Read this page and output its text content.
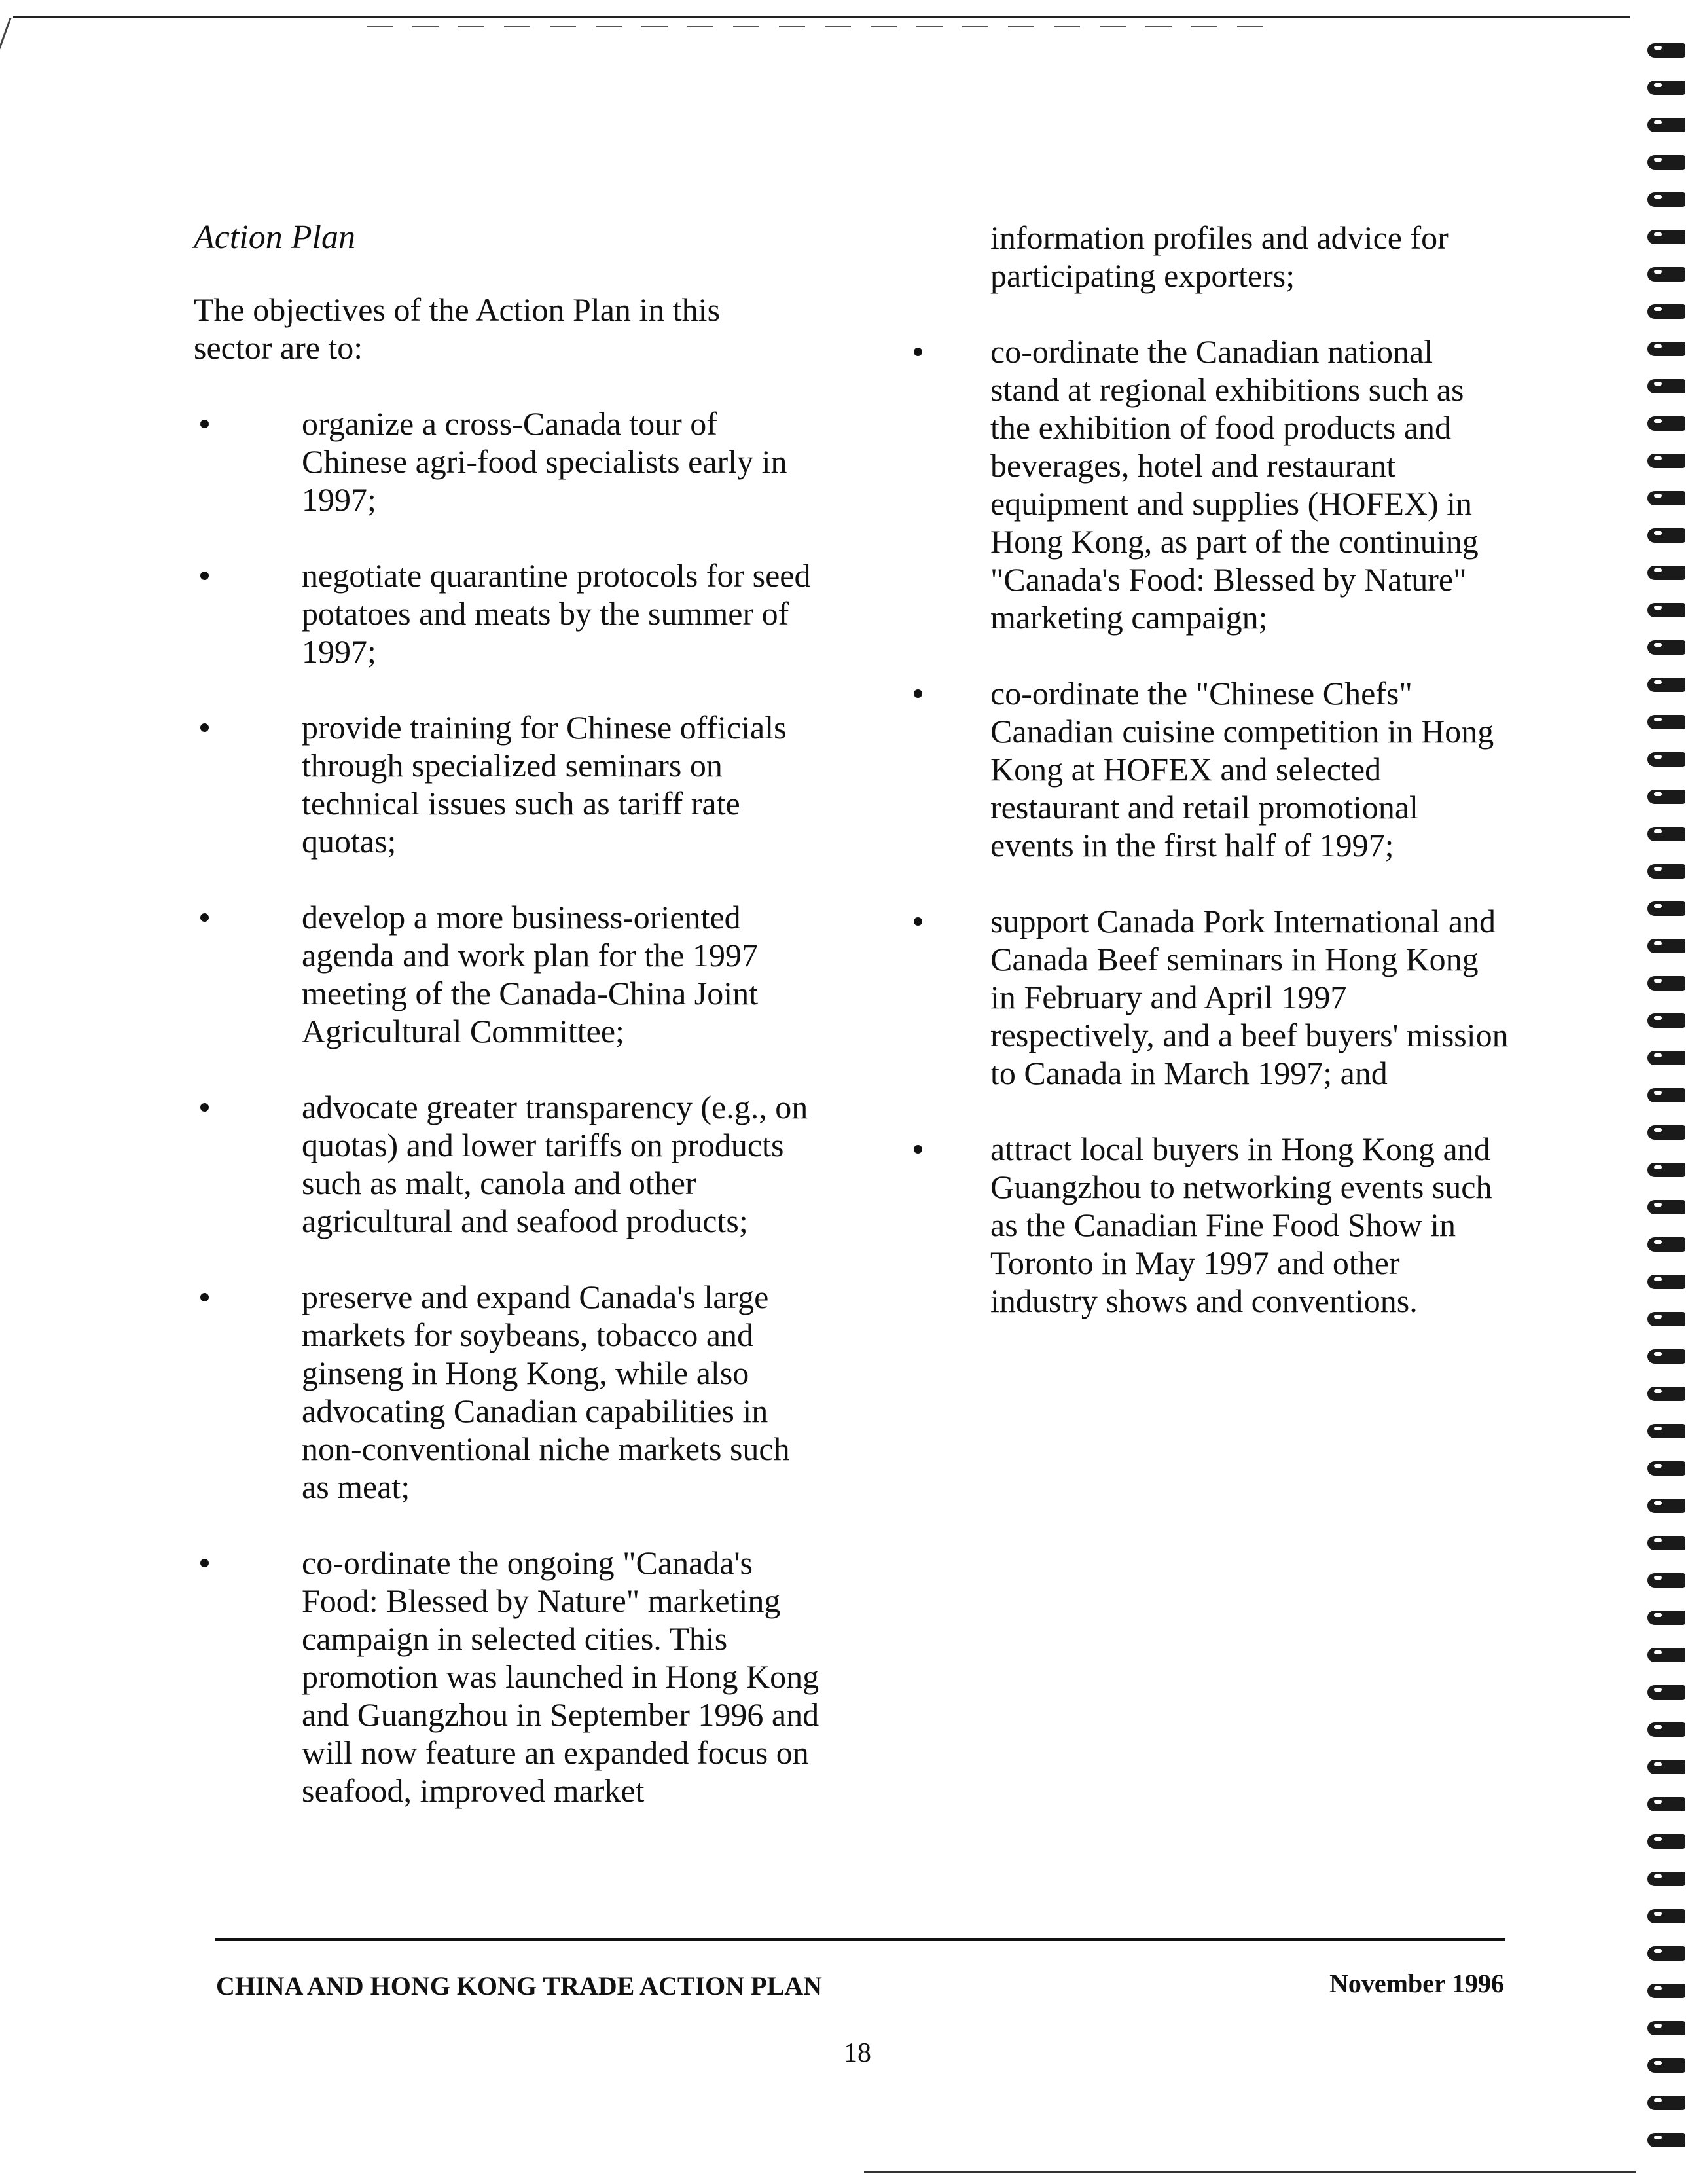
Action Plan
The objectives of the Action Plan in this sector are to:
organize a cross-Canada tour of Chinese agri-food specialists early in 1997;
negotiate quarantine protocols for seed potatoes and meats by the summer of 1997;
provide training for Chinese officials through specialized seminars on technical issues such as tariff rate quotas;
develop a more business-oriented agenda and work plan for the 1997 meeting of the Canada-China Joint Agricultural Committee;
advocate greater transparency (e.g., on quotas) and lower tariffs on products such as malt, canola and other agricultural and seafood products;
preserve and expand Canada's large markets for soybeans, tobacco and ginseng in Hong Kong, while also advocating Canadian capabilities in non-conventional niche markets such as meat;
co-ordinate the ongoing "Canada's Food: Blessed by Nature" marketing campaign in selected cities. This promotion was launched in Hong Kong and Guangzhou in September 1996 and will now feature an expanded focus on seafood, improved market
information profiles and advice for participating exporters;
co-ordinate the Canadian national stand at regional exhibitions such as the exhibition of food products and beverages, hotel and restaurant equipment and supplies (HOFEX) in Hong Kong, as part of the continuing "Canada's Food: Blessed by Nature" marketing campaign;
co-ordinate the "Chinese Chefs" Canadian cuisine competition in Hong Kong at HOFEX and selected restaurant and retail promotional events in the first half of 1997;
support Canada Pork International and Canada Beef seminars in Hong Kong in February and April 1997 respectively, and a beef buyers' mission to Canada in March 1997; and
attract local buyers in Hong Kong and Guangzhou to networking events such as the Canadian Fine Food Show in Toronto in May 1997 and other industry shows and conventions.
CHINA AND HONG KONG TRADE ACTION PLAN	November 1996
18
